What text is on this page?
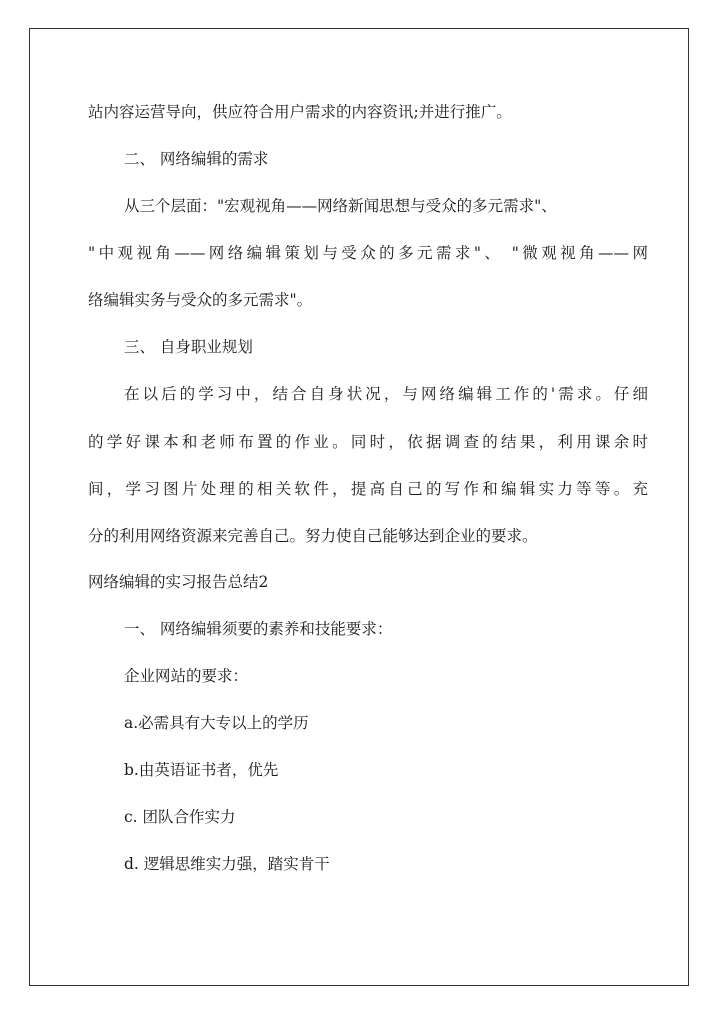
站内容运营导向，供应符合用户需求的内容资讯;并进行推广。
二、 网络编辑的需求
从三个层面："宏观视角——网络新闻思想与受众的多元需求"、
"中观视角——网络编辑策划与受众的多元需求"、 "微观视角——网
络编辑实务与受众的多元需求"。
三、 自身职业规划
在以后的学习中，结合自身状况，与网络编辑工作的'需求。仔细
的学好课本和老师布置的作业。同时，依据调查的结果，利用课余时
间，学习图片处理的相关软件，提高自己的写作和编辑实力等等。充
分的利用网络资源来完善自己。努力使自己能够达到企业的要求。
网络编辑的实习报告总结2
一、 网络编辑须要的素养和技能要求：
企业网站的要求：
a.必需具有大专以上的学历
b.由英语证书者，优先
c. 团队合作实力
d. 逻辑思维实力强，踏实肯干
